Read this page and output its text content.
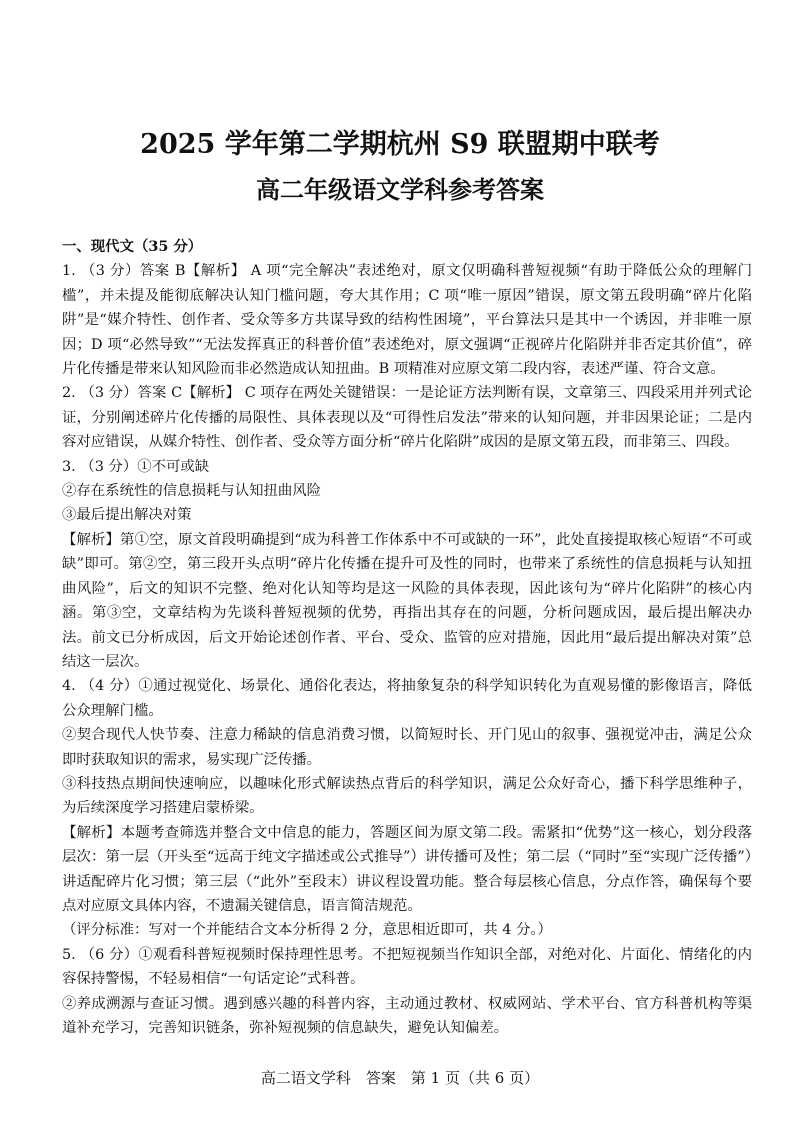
2025 学年第二学期杭州 S9 联盟期中联考
高二年级语文学科参考答案

一、现代文（35 分）

1. （3 分）答案 B【解析】 A 项“完全解决”表述绝对，原文仅明确科普短视频“有助于降低公众的理解门槛”，并未提及能彻底解决认知门槛问题，夸大其作用；C 项“唯一原因”错误，原文第五段明确“碎片化陷阱”是“媒介特性、创作者、受众等多方共谋导致的结构性困境”，平台算法只是其中一个诱因，并非唯一原因；D 项“必然导致”“无法发挥真正的科普价值”表述绝对，原文强调“正视碎片化陷阱并非否定其价值”，碎片化传播是带来认知风险而非必然造成认知扭曲。B 项精准对应原文第二段内容，表述严谨、符合文意。

2. （3 分）答案 C【解析】 C 项存在两处关键错误：一是论证方法判断有误，文章第三、四段采用并列式论证，分别阐述碎片化传播的局限性、具体表现以及“可得性启发法”带来的认知问题，并非因果论证；二是内容对应错误，从媒介特性、创作者、受众等方面分析“碎片化陷阱”成因的是原文第五段，而非第三、四段。

3. （3 分）①不可或缺

②存在系统性的信息损耗与认知扭曲风险

③最后提出解决对策

【解析】第①空，原文首段明确提到“成为科普工作体系中不可或缺的一环”，此处直接提取核心短语“不可或缺”即可。第②空，第三段开头点明“碎片化传播在提升可及性的同时，也带来了系统性的信息损耗与认知扭曲风险”，后文的知识不完整、绝对化认知等均是这一风险的具体表现，因此该句为“碎片化陷阱”的核心内涵。第③空，文章结构为先谈科普短视频的优势，再指出其存在的问题，分析问题成因，最后提出解决办法。前文已分析成因，后文开始论述创作者、平台、受众、监管的应对措施，因此用“最后提出解决对策”总结这一层次。

4. （4 分）①通过视觉化、场景化、通俗化表达，将抽象复杂的科学知识转化为直观易懂的影像语言，降低公众理解门槛。

②契合现代人快节奏、注意力稀缺的信息消费习惯，以简短时长、开门见山的叙事、强视觉冲击，满足公众即时获取知识的需求，易实现广泛传播。

③科技热点期间快速响应，以趣味化形式解读热点背后的科学知识，满足公众好奇心，播下科学思维种子，为后续深度学习搭建启蒙桥梁。

【解析】本题考查筛选并整合文中信息的能力，答题区间为原文第二段。需紧扣“优势”这一核心，划分段落层次：第一层（开头至“远高于纯文字描述或公式推导”）讲传播可及性；第二层（“同时”至“实现广泛传播”）讲适配碎片化习惯；第三层（“此外”至段末）讲议程设置功能。整合每层核心信息，分点作答，确保每个要点对应原文具体内容，不遗漏关键信息，语言简洁规范。

（评分标准：写对一个并能结合文本分析得 2 分，意思相近即可，共 4 分。）

5. （6 分）①观看科普短视频时保持理性思考。不把短视频当作知识全部，对绝对化、片面化、情绪化的内容保持警惕，不轻易相信“一句话定论”式科普。

②养成溯源与查证习惯。遇到感兴趣的科普内容，主动通过教材、权威网站、学术平台、官方科普机构等渠道补充学习，完善知识链条，弥补短视频的信息缺失，避免认知偏差。

高二语文学科　答案　第 1 页（共 6 页）
